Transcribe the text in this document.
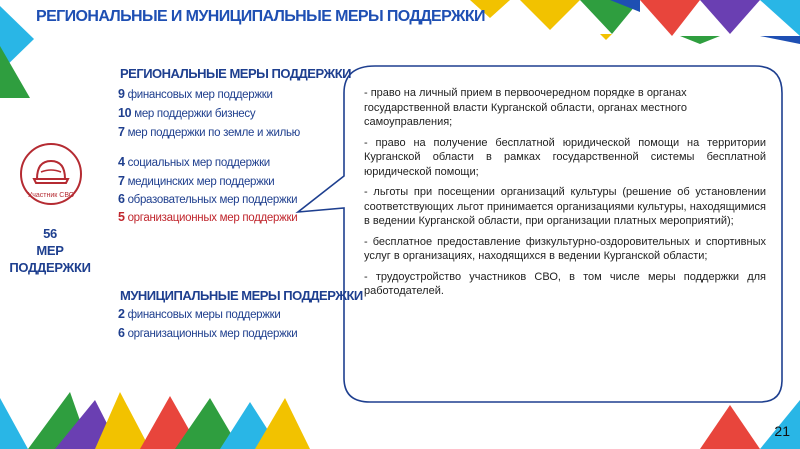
РЕГИОНАЛЬНЫЕ И МУНИЦИПАЛЬНЫЕ МЕРЫ ПОДДЕРЖКИ
РЕГИОНАЛЬНЫЕ МЕРЫ ПОДДЕРЖКИ
9 финансовых мер поддержки
10 мер поддержки бизнесу
7 мер поддержки по земле и жилью
4 социальных мер поддержки
7 медицинских мер поддержки
6 образовательных мер поддержки
5 организационных мер поддержки
Участник СВО
56
МЕР
ПОДДЕРЖКИ
МУНИЦИПАЛЬНЫЕ МЕРЫ ПОДДЕРЖКИ
2 финансовых меры поддержки
6 организационных мер поддержки

- право на личный прием в первоочередном порядке в органах государственной власти Курганской области, органах местного самоуправления;

- право на получение бесплатной юридической помощи на территории Курганской области в рамках государственной системы бесплатной юридической помощи;

- льготы при посещении организаций культуры (решение об установлении соответствующих льгот принимается организациями культуры, находящимися в ведении Курганской области, при организации платных мероприятий);

- бесплатное предоставление физкультурно-оздоровительных и спортивных услуг в организациях, находящихся в ведении Курганской области;

- трудоустройство участников СВО, в том числе меры поддержки для работодателей.

21
